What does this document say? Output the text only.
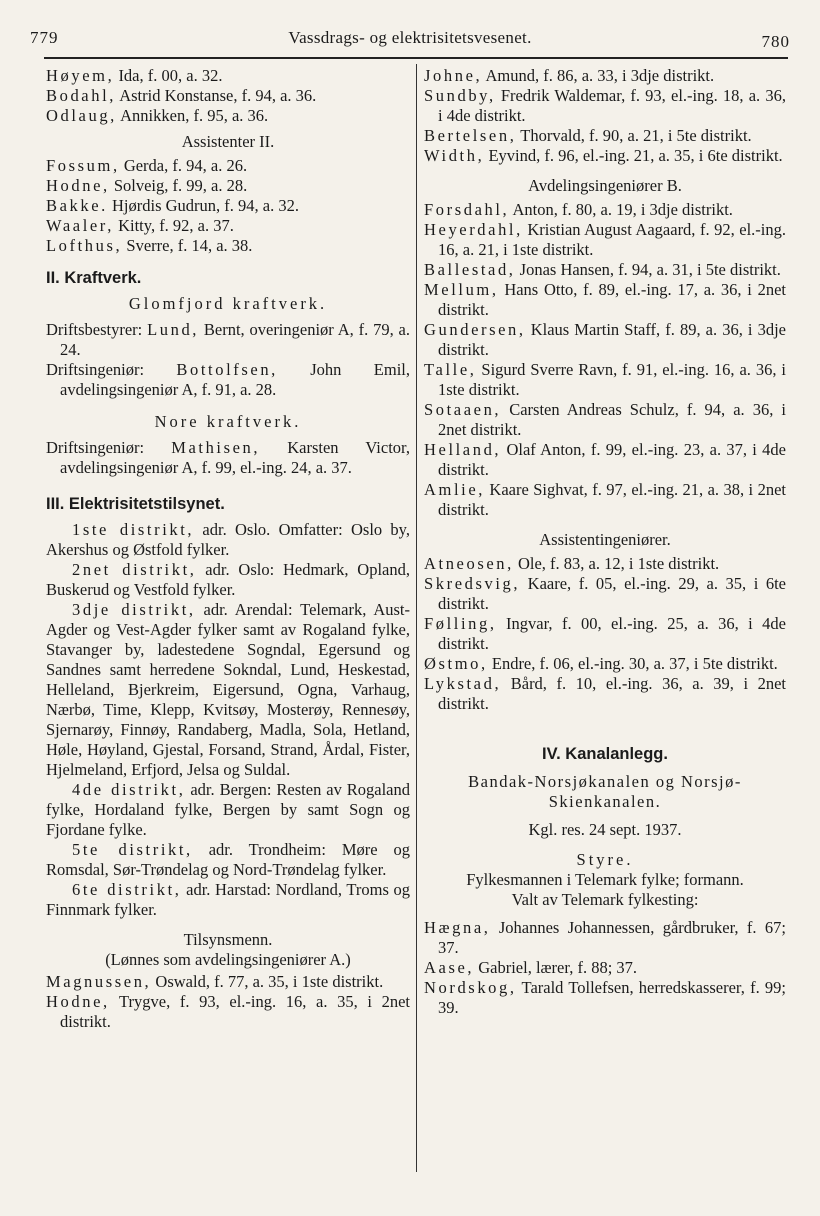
779	Vassdrags- og elektrisitetsvesenet.	780

Høyem, Ida, f. 00, a. 32.

Bodahl, Astrid Konstanse, f. 94, a. 36.

Odlaug, Annikken, f. 95, a. 36.

Assistenter II.

Fossum, Gerda, f. 94, a. 26.

Hodne, Solveig, f. 99, a. 28.

Bakke. Hjørdis Gudrun, f. 94, a. 32.

Waaler, Kitty, f. 92, a. 37.

Lofthus, Sverre, f. 14, a. 38.

II. Kraftverk.

Glomfjord kraftverk.

Driftsbestyrer: Lund, Bernt, overingeniør A, f. 79, a. 24.

Driftsingeniør: Bottolfsen, John Emil, avdelingsingeniør A, f. 91, a. 28.

Nore kraftverk.

Driftsingeniør: Mathisen, Karsten Victor, avdelingsingeniør A, f. 99, el.-ing. 24, a. 37.

III. Elektrisitetstilsynet.

1ste distrikt, adr. Oslo. Omfatter: Oslo by, Akershus og Østfold fylker.

2net distrikt, adr. Oslo: Hedmark, Opland, Buskerud og Vestfold fylker.

3dje distrikt, adr. Arendal: Telemark, Aust-Agder og Vest-Agder fylker samt av Rogaland fylke, Stavanger by, ladestedene Sogndal, Egersund og Sandnes samt herredene Sokndal, Lund, Heskestad, Helleland, Bjerkreim, Eigersund, Ogna, Varhaug, Nærbø, Time, Klepp, Kvitsøy, Mosterøy, Rennesøy, Sjernarøy, Finnøy, Randaberg, Madla, Sola, Hetland, Høle, Høyland, Gjestal, Forsand, Strand, Årdal, Fister, Hjelmeland, Erfjord, Jelsa og Suldal.

4de distrikt, adr. Bergen: Resten av Rogaland fylke, Hordaland fylke, Bergen by samt Sogn og Fjordane fylke.

5te distrikt, adr. Trondheim: Møre og Romsdal, Sør-Trøndelag og Nord-Trøndelag fylker.

6te distrikt, adr. Harstad: Nordland, Troms og Finnmark fylker.

Tilsynsmenn.

(Lønnes som avdelingsingeniører A.)

Magnussen, Oswald, f. 77, a. 35, i 1ste distrikt.

Hodne, Trygve, f. 93, el.-ing. 16, a. 35, i 2net distrikt.

Johne, Amund, f. 86, a. 33, i 3dje distrikt.

Sundby, Fredrik Waldemar, f. 93, el.-ing. 18, a. 36, i 4de distrikt.

Bertelsen, Thorvald, f. 90, a. 21, i 5te distrikt.

Width, Eyvind, f. 96, el.-ing. 21, a. 35, i 6te distrikt.

Avdelingsingeniører B.

Forsdahl, Anton, f. 80, a. 19, i 3dje distrikt.

Heyerdahl, Kristian August Aagaard, f. 92, el.-ing. 16, a. 21, i 1ste distrikt.

Ballestad, Jonas Hansen, f. 94, a. 31, i 5te distrikt.

Mellum, Hans Otto, f. 89, el.-ing. 17, a. 36, i 2net distrikt.

Gundersen, Klaus Martin Staff, f. 89, a. 36, i 3dje distrikt.

Talle, Sigurd Sverre Ravn, f. 91, el.-ing. 16, a. 36, i 1ste distrikt.

Sotaaen, Carsten Andreas Schulz, f. 94, a. 36, i 2net distrikt.

Helland, Olaf Anton, f. 99, el.-ing. 23, a. 37, i 4de distrikt.

Amlie, Kaare Sighvat, f. 97, el.-ing. 21, a. 38, i 2net distrikt.

Assistentingeniører.

Atneosen, Ole, f. 83, a. 12, i 1ste distrikt.

Skredsvig, Kaare, f. 05, el.-ing. 29, a. 35, i 6te distrikt.

Følling, Ingvar, f. 00, el.-ing. 25, a. 36, i 4de distrikt.

Østmo, Endre, f. 06, el.-ing. 30, a. 37, i 5te distrikt.

Lykstad, Bård, f. 10, el.-ing. 36, a. 39, i 2net distrikt.

IV. Kanalanlegg.

Bandak-Norsjøkanalen og Norsjø-Skienkanalen.

Kgl. res. 24 sept. 1937.

Styre.

Fylkesmannen i Telemark fylke; formann.

Valt av Telemark fylkesting:

Hægna, Johannes Johannessen, gårdbruker, f. 67; 37.

Aase, Gabriel, lærer, f. 88; 37.

Nordskog, Tarald Tollefsen, herredskasserer, f. 99; 39.
